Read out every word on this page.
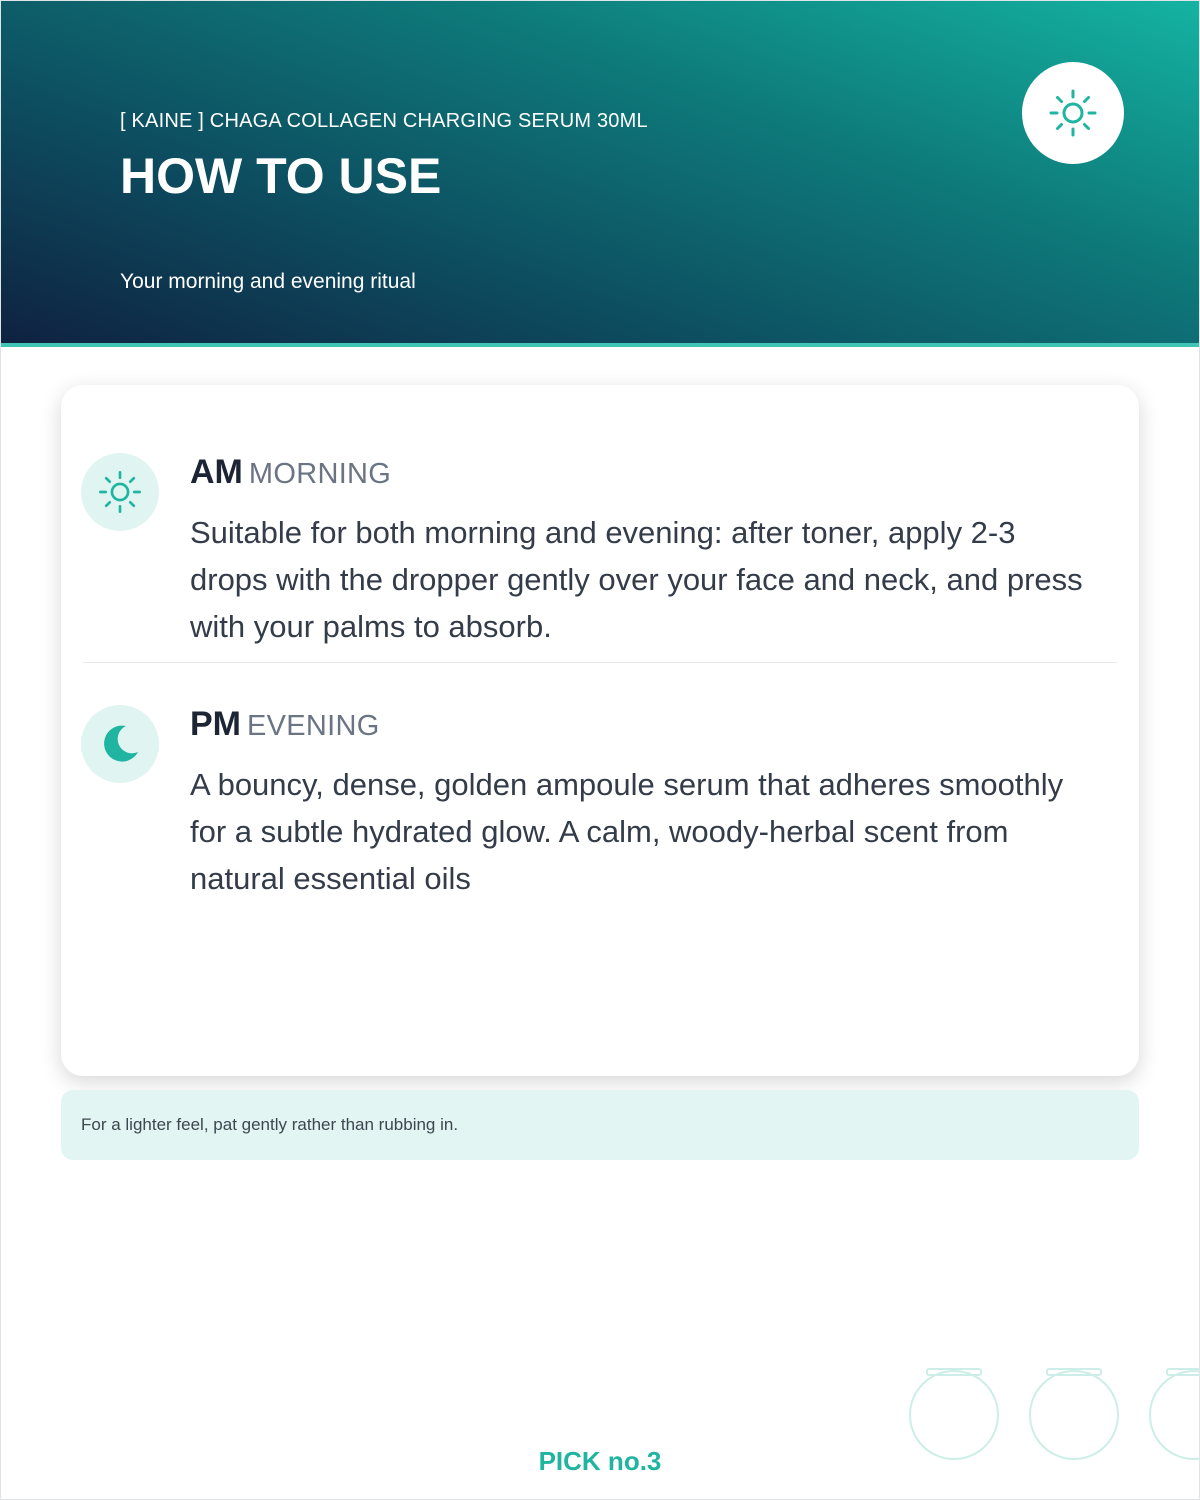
[ KAINE ] CHAGA COLLAGEN CHARGING SERUM 30ML
HOW TO USE
Your morning and evening ritual
AM MORNING
Suitable for both morning and evening: after toner, apply 2-3 drops with the dropper gently over your face and neck, and press with your palms to absorb.
PM EVENING
A bouncy, dense, golden ampoule serum that adheres smoothly for a subtle hydrated glow. A calm, woody-herbal scent from natural essential oils
For a lighter feel, pat gently rather than rubbing in.
PICK no.3
